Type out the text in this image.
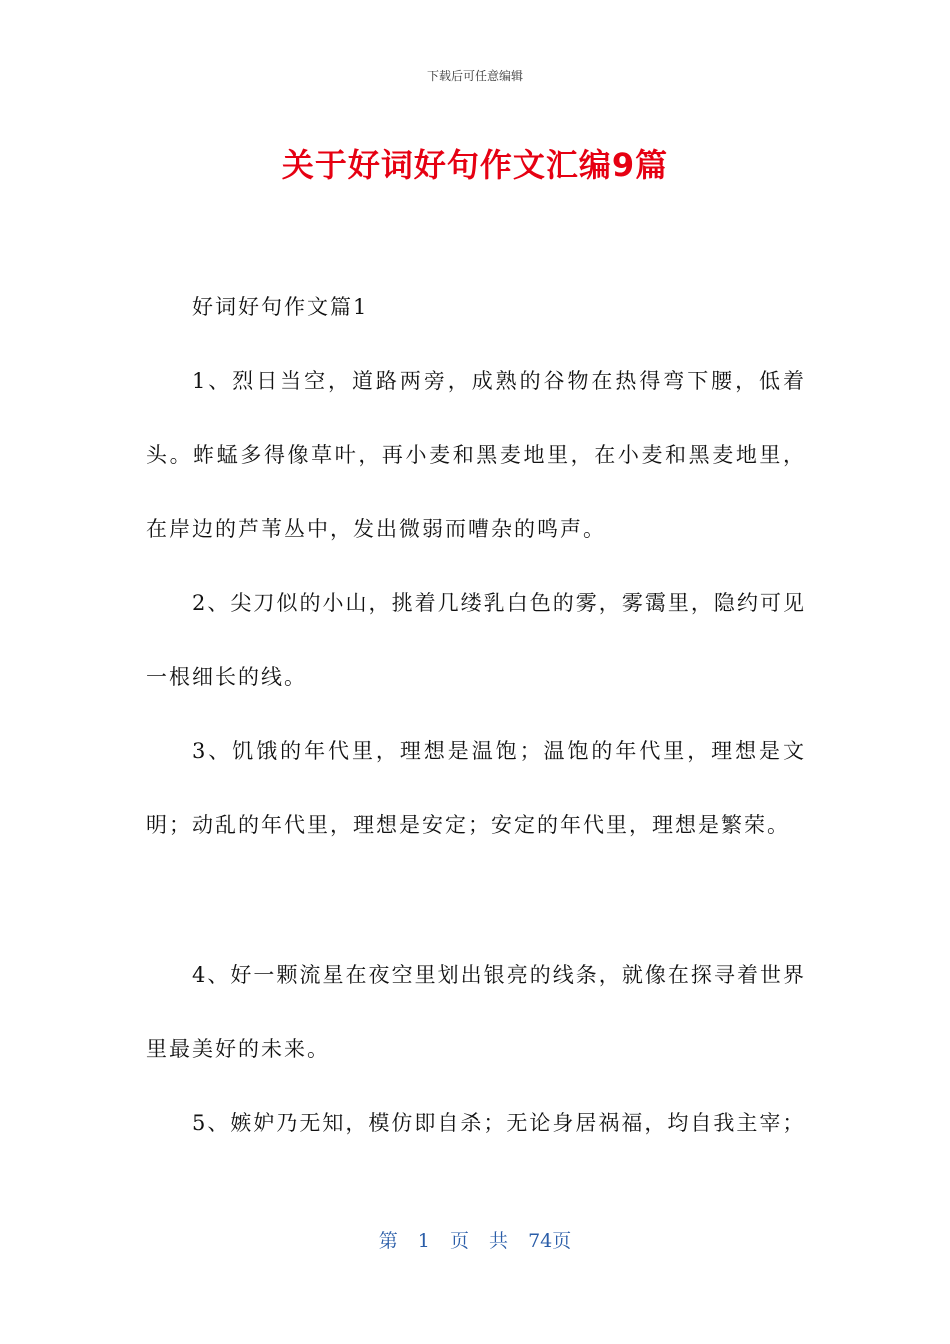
下载后可任意编辑
关于好词好句作文汇编9篇

好词好句作文篇1

1、烈日当空，道路两旁，成熟的谷物在热得弯下腰，低着头。蚱蜢多得像草叶，再小麦和黑麦地里，在小麦和黑麦地里，在岸边的芦苇丛中，发出微弱而嘈杂的鸣声。

2、尖刀似的小山，挑着几缕乳白色的雾，雾霭里，隐约可见一根细长的线。

3、饥饿的年代里，理想是温饱；温饱的年代里，理想是文明；动乱的年代里，理想是安定；安定的年代里，理想是繁荣。

4、好一颗流星在夜空里划出银亮的线条，就像在探寻着世界里最美好的未来。

5、嫉妒乃无知，模仿即自杀；无论身居祸福，均自我主宰；

第 1 页 共 74页
